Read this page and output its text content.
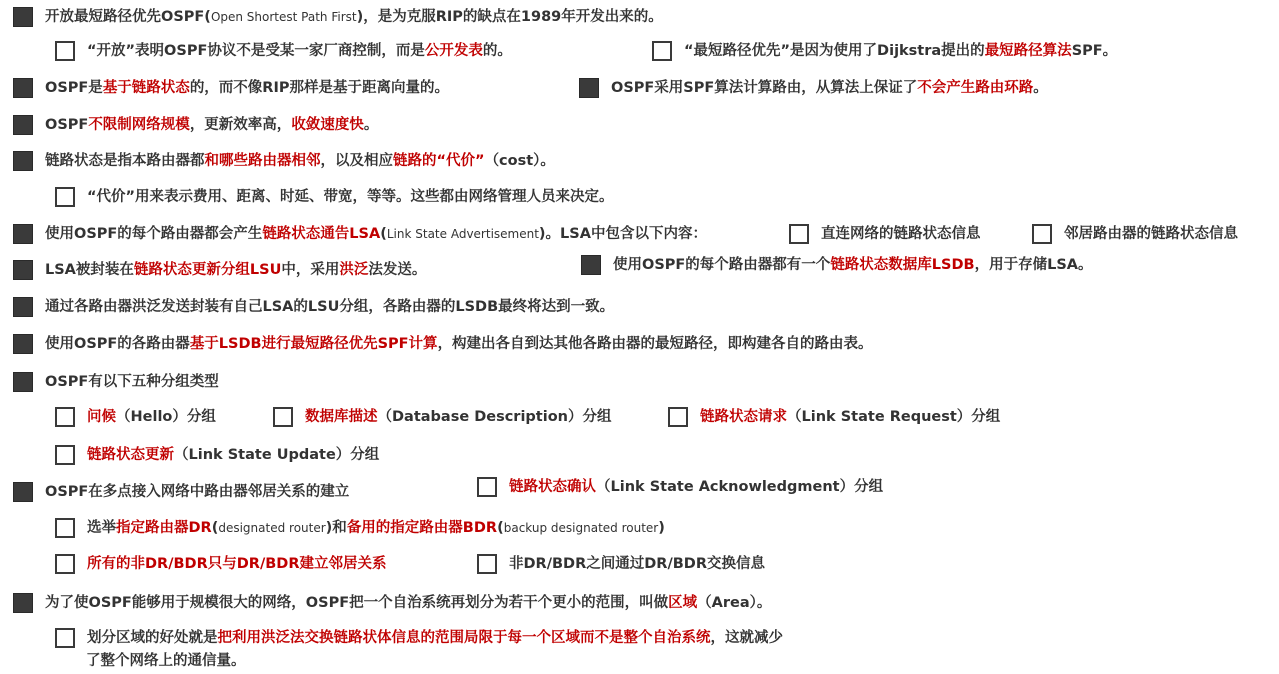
开放最短路径优先OSPF(Open Shortest Path First)，是为克服RIP的缺点在1989年开发出来的。
“开放”表明OSPF协议不是受某一家厂商控制，而是公开发表的。	“最短路径优先”是因为使用了Dijkstra提出的最短路径算法SPF。
OSPF是基于链路状态的，而不像RIP那样是基于距离向量的。	OSPF采用SPF算法计算路由，从算法上保证了不会产生路由环路。
OSPF不限制网络规模，更新效率高，收敛速度快。
链路状态是指本路由器都和哪些路由器相邻，以及相应链路的“代价”（cost）。
“代价”用来表示费用、距离、时延、带宽，等等。这些都由网络管理人员来决定。
使用OSPF的每个路由器都会产生链路状态通告LSA(Link State Advertisement)。LSA中包含以下内容：	直连网络的链路状态信息	邻居路由器的链路状态信息
LSA被封装在链路状态更新分组LSU中，采用洪泛法发送。	使用OSPF的每个路由器都有一个链路状态数据库LSDB，用于存储LSA。
通过各路由器洪泛发送封装有自己LSA的LSU分组，各路由器的LSDB最终将达到一致。
使用OSPF的各路由器基于LSDB进行最短路径优先SPF计算，构建出各自到达其他各路由器的最短路径，即构建各自的路由表。
OSPF有以下五种分组类型
问候（Hello）分组	数据库描述（Database Description）分组	链路状态请求（Link State Request）分组
链路状态更新（Link State Update）分组
OSPF在多点接入网络中路由器邻居关系的建立	链路状态确认（Link State Acknowledgment）分组
选举指定路由器DR(designated router)和备用的指定路由器BDR(backup designated router)
所有的非DR/BDR只与DR/BDR建立邻居关系	非DR/BDR之间通过DR/BDR交换信息
为了使OSPF能够用于规模很大的网络，OSPF把一个自治系统再划分为若干个更小的范围，叫做区域（Area）。
划分区域的好处就是把利用洪泛法交换链路状体信息的范围局限于每一个区域而不是整个自治系统，这就减少
了整个网络上的通信量。
